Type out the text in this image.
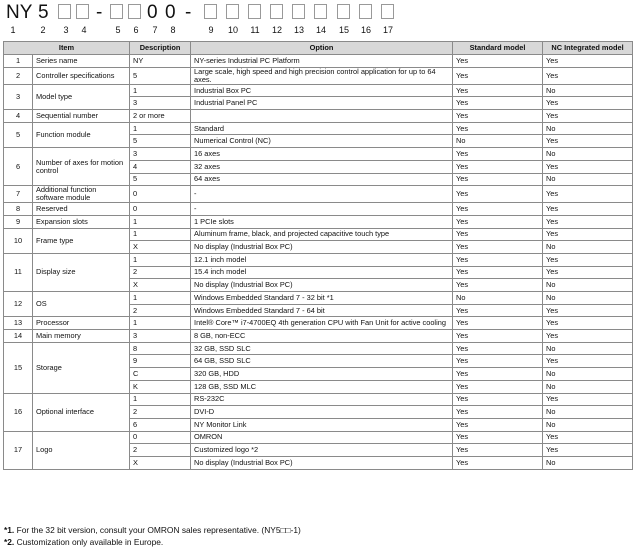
NY 5 - 0 0 -
1	2	3	4	5	6	7	8	9	10 11 12 13 14 15 16 17
Item		Description	Option	Standard model	NC Integrated model
1	Series name	NY	NY-series Industrial PC Platform	Yes	Yes
2	Controller specifications	5	Large scale, high speed and high precision control application for up to 64 axes.	Yes	Yes
3	Model type	1	Industrial Box PC	Yes	No
		3	Industrial Panel PC	Yes	Yes
4	Sequential number	2 or more		Yes	Yes
5	Function module	1	Standard	Yes	No
		5	Numerical Control (NC)	No	Yes
6	Number of axes for motion control	3	16 axes	Yes	No
		4	32 axes	Yes	Yes
		5	64 axes	Yes	No
7	Additional function software module	0	-	Yes	Yes
8	Reserved	0	-	Yes	Yes
9	Expansion slots	1	1 PCIe slots	Yes	Yes
10	Frame type	1	Aluminum frame, black, and projected capacitive touch type	Yes	Yes
		X	No display (Industrial Box PC)	Yes	No
11	Display size	1	12.1 inch model	Yes	Yes
		2	15.4 inch model	Yes	Yes
		X	No display (Industrial Box PC)	Yes	No
12	OS	1	Windows Embedded Standard 7 - 32 bit *1	No	No
		2	Windows Embedded Standard 7 - 64 bit	Yes	Yes
13	Processor	1	Intel® Core™ i7-4700EQ 4th generation CPU with Fan Unit for active cooling	Yes	Yes
14	Main memory	3	8 GB, non-ECC	Yes	Yes
15	Storage	8	32 GB, SSD SLC	Yes	No
		9	64 GB, SSD SLC	Yes	Yes
		C	320 GB, HDD	Yes	No
		K	128 GB, SSD MLC	Yes	No
16	Optional interface	1	RS-232C	Yes	Yes
		2	DVI-D	Yes	No
		6	NY Monitor Link	Yes	No
17	Logo	0	OMRON	Yes	Yes
		2	Customized logo *2	Yes	Yes
		X	No display (Industrial Box PC)	Yes	No
*1. For the 32 bit version, consult your OMRON sales representative. (NY5□□-1)
*2. Customization only available in Europe.
